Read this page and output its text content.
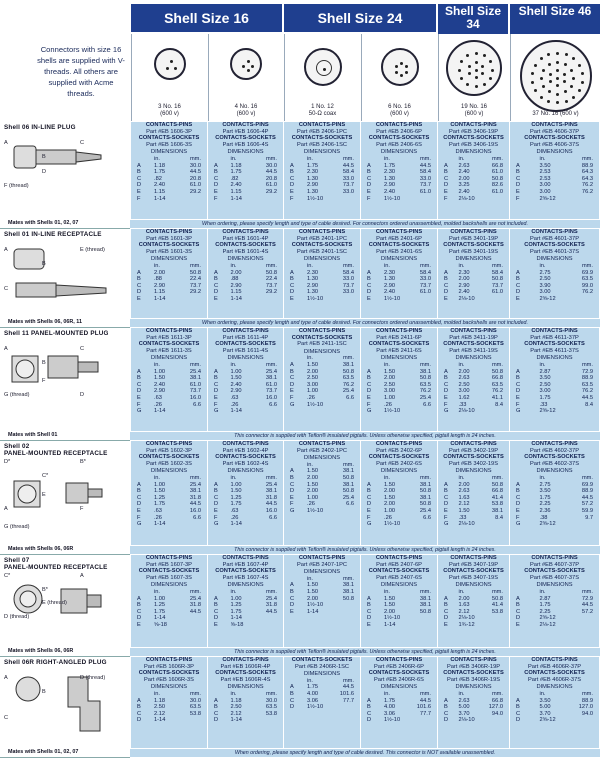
Shell Size 16	Shell Size 24	Shell Size 34
Shell Size 46
Connectors with size 16 shells are supplied with V-threads. All others are supplied with Acme threads.
3 No. 16
(600 v)
4 No. 16
(600 v)
1 No. 12
50-Ω coax
6 No. 16
(600 v)
19 No. 16
(600 v)	37 No. 16 (600 v)
Shell 06 IN-LINE PLUG
A
B
C
F (thread)
D
Mates with Shells 01, 02, 07
CONTACTS-PINS
Part #EB 1606-3P
CONTACTS-SOCKETS
Part #EB 1606-3S
DIMENSIONS
in.	mm.
A	1.18	30.0
B	1.75	44.5
C	.82	20.8
D	2.40	61.0
E	1.15	29.2
F	1-14
CONTACTS-PINS
Part #EB 1606-4P
CONTACTS-SOCKETS
Part #EB 1606-4S
DIMENSIONS
in.	mm.
A	1.18	30.0
B	1.75	44.5
C	.82	20.8
D	2.40	61.0
E	1.15	29.2
F	1-14
CONTACTS-PINS
Part #EB 2406-1PC
CONTACTS-SOCKETS
Part #EB 2406-1SC
DIMENSIONS
in.	mm.
A	1.75	44.5
B	2.30	58.4
C	1.30	33.0
D	2.90	73.7
E	1.30	33.0
F	1½-10
CONTACTS-PINS
Part #EB 2406-6P
CONTACTS-SOCKETS
Part #EB 2406-6S
DIMENSIONS
in.	mm.
A	1.75	44.5
B	2.30	58.4
C	1.30	33.0
D	2.90	73.7
E	2.40	61.0
F	1½-10
CONTACTS-PINS
Part #EB 3406-19P
CONTACTS-SOCKETS
Part #EB 3406-19S
DIMENSIONS
in.	mm.
A	2.63	66.8
B	2.40	61.0
C	2.00	50.8
D	3.25	82.6
E	2.40	61.0
F	2⅛-10
CONTACTS-PINS
Part #EB 4606-37P
CONTACTS-SOCKETS
Part #EB 4606-37S
DIMENSIONS
in.	mm.
A	3.50	88.9
B	2.53	64.3
C	2.53	64.3
D	3.00	76.2
E	3.00	76.2
F	2⅝-12
When ordering, please specify length and type of cable desired. For connectors ordered unassembled, molded backshells are not included.
Shell 01 IN-LINE RECEPTACLE
A
B
E (thread)
C
Mates with Shells 06, 06R, 11
CONTACTS-PINS
Part #EB 1601-3P
CONTACTS-SOCKETS
Part #EB 1601-3S
DIMENSIONS
in.	mm.
A	2.00	50.8
B	.88	22.4
C	2.90	73.7
D	1.15	29.2
E	1-14
CONTACTS-PINS
Part #EB 1601-4P
CONTACTS-SOCKETS
Part #EB 1601-4S
DIMENSIONS
in.	mm.
A	2.00	50.8
B	.88	22.4
C	2.90	73.7
D	1.15	29.2
E	1-14
CONTACTS-PINS
Part #EB 2401-1PC
CONTACTS-SOCKETS
Part #EB 2401-1SC
DIMENSIONS
in.	mm.
A	2.30	58.4
B	1.30	33.0
C	2.90	73.7
D	1.30	33.0
E	1½-10
CONTACTS-PINS
Part #EB 2401-6P
CONTACTS-SOCKETS
Part #EB 2401-6S
DIMENSIONS
in.	mm.
A	2.30	58.4
B	1.30	33.0
C	2.90	73.7
D	2.40	61.0
E	1½-10
CONTACTS-PINS
Part #EB 3401-19P
CONTACTS-SOCKETS
Part #EB 3401-19S
DIMENSIONS
in.	mm.
A	2.30	58.4
B	2.00	50.8
C	2.90	73.7
D	2.40	61.0
E	2⅛-10
CONTACTS-PINS
Part #EB 4601-37P
CONTACTS-SOCKETS
Part #EB 4601-37S
DIMENSIONS
in.	mm.
A	2.75	69.9
B	2.50	63.5
C	3.90	99.0
D	3.00	76.2
E	2⅝-12
When ordering, please specify length and type of cable desired. For connectors ordered unassembled, molded backshells are not included.
Shell 11 PANEL-MOUNTED PLUG
A
B
C
G (thread)
F
D
Mates with Shell 01
CONTACTS-PINS
Part #EB 1611-3P
CONTACTS-SOCKETS
Part #EB 1611-3S
DIMENSIONS
in.	mm.
A	1.00	25.4
B	1.50	38.1
C	2.40	61.0
D	2.90	73.7
E	.63	16.0
F	.26	6.6
G	1-14
CONTACTS-PINS
Part #EB 1611-4P
CONTACTS-SOCKETS
Part #EB 1611-4S
DIMENSIONS
in.	mm.
A	1.00	25.4
B	1.50	38.1
C	2.40	61.0
D	2.90	73.7
E	.63	16.0
F	.26	6.6
G	1-14
CONTACTS-PINS
CONTACTS-SOCKETS
Part #EB 2411-1SC
DIMENSIONS
in.	mm.
A	1.50	38.1
B	2.00	50.8
C	2.50	63.5
D	3.00	76.2
E	1.00	25.4
F	.26	6.6
G	1½-10
CONTACTS-PINS
Part #EB 2411-6P
CONTACTS-SOCKETS
Part #EB 2411-6S
DIMENSIONS
in.	mm.
A	1.50	38.1
B	2.00	50.8
C	2.50	63.5
D	3.00	76.2
E	1.00	25.4
F	.26	6.6
G	1½-10
CONTACTS-PINS
Part #EB 3411-19P
CONTACTS-SOCKETS
Part #EB 3411-19S
DIMENSIONS
in.	mm.
A	2.00	50.8
B	2.63	66.8
C	2.50	63.5
D	3.00	76.2
E	1.62	41.1
F	.33	8.4
G	2⅛-10
CONTACTS-PINS
Part #EB 4611-37P
CONTACTS-SOCKETS
Part #EB 4611-37S
DIMENSIONS
in.	mm.
A	2.87	72.9
B	3.50	88.9
C	2.50	63.5
D	3.00	76.2
E	1.75	44.5
F	.33	8.4
G	2⅝-12
This connector is supplied with Teflon® insulated pigtails. Unless otherwise specified, pigtail length is 24 inches.
Shell 02
PANEL-MOUNTED RECEPTACLE
D*
C*
B*
A
E
F
G (thread)
Mates with Shells 06, 06R
CONTACTS-PINS
Part #EB 1602-3P
CONTACTS-SOCKETS
Part #EB 1602-3S
DIMENSIONS
in.	mm.
A	1.00	25.4
B	1.50	38.1
C	1.25	31.8
D	1.75	44.5
E	.63	16.0
F	.26	6.6
G	1-14
CONTACTS-PINS
Part #EB 1602-4P
CONTACTS-SOCKETS
Part #EB 1602-4S
DIMENSIONS
in.	mm.
A	1.00	25.4
B	1.50	38.1
C	1.25	31.8
D	1.75	44.5
E	.63	16.0
F	.26	6.6
G	1-14
CONTACTS-PINS
Part #EB 2402-1PC
DIMENSIONS
in.	mm.
A	1.50	38.1
B	2.00	50.8
C	1.50	38.1
D	2.00	50.8
E	1.00	25.4
F	.26	6.6
G	1½-10
CONTACTS-PINS
Part #EB 2402-6P
CONTACTS-SOCKETS
Part #EB 2402-6S
DIMENSIONS
in.	mm.
A	1.50	38.1
B	2.00	50.8
C	1.50	38.1
D	2.00	50.8
E	1.00	25.4
F	.26	6.6
G	1½-10
CONTACTS-PINS
Part #EB 3402-19P
CONTACTS-SOCKETS
Part #EB 3402-19S
DIMENSIONS
in.	mm.
A	2.00	50.8
B	2.63	66.8
C	1.63	41.4
D	2.12	53.8
E	1.50	38.1
F	.33	8.4
G	2⅛-10
CONTACTS-PINS
Part #EB 4602-37P
CONTACTS-SOCKETS
Part #EB 4602-37S
DIMENSIONS
in.	mm.
A	2.75	69.9
B	3.50	88.9
C	1.75	44.5
D	2.25	57.2
E	2.36	59.9
F	.38	9.7
G	2⅝-12
This connector is supplied with Teflon® insulated pigtails. Unless otherwise specified, pigtail length is 24 inches.
Shell 07
PANEL-MOUNTED RECEPTACLE
C*
B*
A
D (thread)
E (thread)
Mates with Shells 06, 06R
CONTACTS-PINS
Part #EB 1607-3P
CONTACTS-SOCKETS
Part #EB 1607-3S
DIMENSIONS
in.	mm.
A	1.00	25.4
B	1.25	31.8
C	1.75	44.5
D	1-14
E	⅝-18
CONTACTS-PINS
Part #EB 1607-4P
CONTACTS-SOCKETS
Part #EB 1607-4S
DIMENSIONS
in.	mm.
A	1.00	25.4
B	1.25	31.8
C	1.75	44.5
D	1-14
E	⅝-18
CONTACTS-PINS
Part #EB 2407-1PC
DIMENSIONS
in.	mm.
A	1.50	38.1
B	1.50	38.1
C	2.00	50.8
D	1½-10
E	1-14
CONTACTS-PINS
Part #EB 2407-6P
CONTACTS-SOCKETS
Part #EB 2407-6S
DIMENSIONS
in.	mm.
A	1.50	38.1
B	1.50	38.1
C	2.00	50.8
D	1½-10
E	1-14
CONTACTS-PINS
Part #EB 3407-19P
CONTACTS-SOCKETS
Part #EB 3407-19S
DIMENSIONS
in.	mm.
A	2.00	50.8
B	1.63	41.4
C	2.12	53.8
D	2⅛-10
E	1¾-12
CONTACTS-PINS
Part #EB 4607-37P
CONTACTS-SOCKETS
Part #EB 4607-37S
DIMENSIONS
in.	mm.
A	2.87	72.9
B	1.75	44.5
C	2.25	57.2
D	2⅝-12
E	2⅛-12
This connector is supplied with Teflon® insulated pigtails. Unless otherwise specified, pigtail length is 24 inches.
Shell 06R RIGHT-ANGLED PLUG
A
B
D (thread)
C
Mates with Shells 01, 02, 07
CONTACTS-PINS
Part #EB 1606R-3P
CONTACTS-SOCKETS
Part #EB 1606R-3S
DIMENSIONS
in.	mm.
A	1.18	30.0
B	2.50	63.5
C	2.12	53.8
D	1-14
CONTACTS-PINS
Part #EB 1606R-4P
CONTACTS-SOCKETS
Part #EB 1606R-4S
DIMENSIONS
in.	mm.
A	1.18	30.0
B	2.50	63.5
C	2.12	53.8
D	1-14
CONTACTS-SOCKETS
Part #EB 2406R-1SC
DIMENSIONS
in.	mm.
A	1.75	44.5
B	4.00	101.6
C	3.06	77.7
D	1½-10
CONTACTS-PINS
Part #EB 2406R-6P
CONTACTS-SOCKETS
Part #EB 2406R-6S
DIMENSIONS
in.	mm.
A	1.75	44.5
B	4.00	101.6
C	3.06	77.7
D	1½-10
CONTACTS-PINS
Part #EB 3406R-19P
CONTACTS-SOCKETS
Part #EB 3406R-19S
DIMENSIONS
in.	mm.
A	2.63	66.8
B	5.00	127.0
C	3.70	94.0
D	2⅛-10
CONTACTS-PINS
Part #EB 4606R-37P
CONTACTS-SOCKETS
Part #EB 4606R-37S
DIMENSIONS
in.	mm.
A	3.50	88.9
B	5.00	127.0
C	3.70	94.0
D	2⅝-12
When ordering, please specify length and type of cable desired. This connector is NOT available unassembled.
